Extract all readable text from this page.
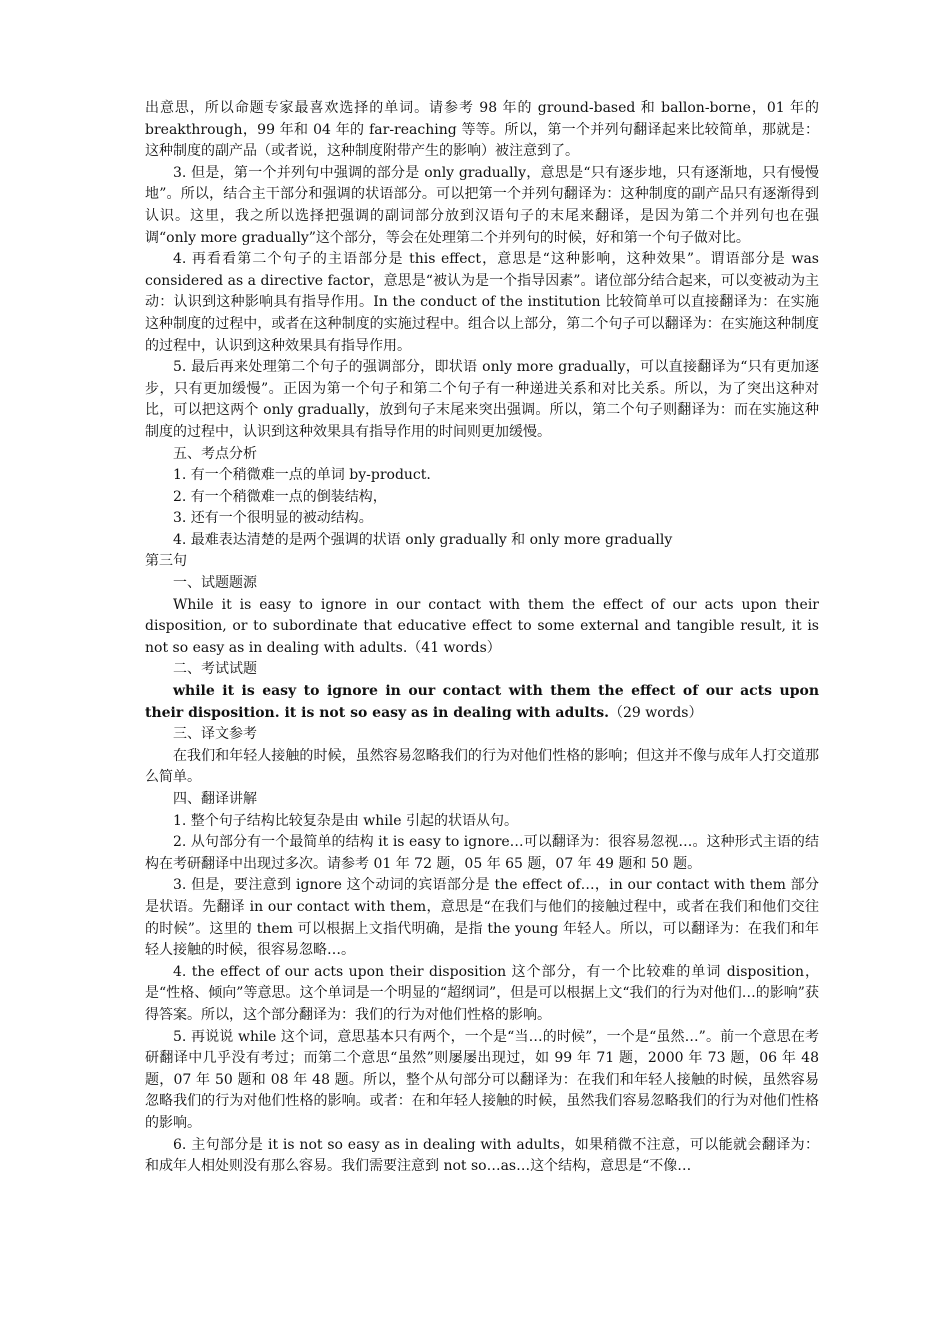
出意思，所以命题专家最喜欢选择的单词。请参考 98 年的 ground-based 和 ballon-borne，01 年的 breakthrough，99 年和 04 年的 far-reaching 等等。所以，第一个并列句翻译起来比较简单，那就是：这种制度的副产品（或者说，这种制度附带产生的影响）被注意到了。

3. 但是，第一个并列句中强调的部分是 only gradually，意思是“只有逐步地，只有逐渐地，只有慢慢地”。所以，结合主干部分和强调的状语部分。可以把第一个并列句翻译为：这种制度的副产品只有逐渐得到认识。这里，我之所以选择把强调的副词部分放到汉语句子的末尾来翻译，是因为第二个并列句也在强调“only more gradually”这个部分，等会在处理第二个并列句的时候，好和第一个句子做对比。

4. 再看看第二个句子的主语部分是 this effect，意思是“这种影响，这种效果”。谓语部分是 was considered as a directive factor，意思是“被认为是一个指导因素”。诸位部分结合起来，可以变被动为主动：认识到这种影响具有指导作用。In the conduct of the institution 比较简单可以直接翻译为：在实施这种制度的过程中，或者在这种制度的实施过程中。组合以上部分，第二个句子可以翻译为：在实施这种制度的过程中，认识到这种效果具有指导作用。

5. 最后再来处理第二个句子的强调部分，即状语 only more gradually，可以直接翻译为“只有更加逐步，只有更加缓慢”。正因为第一个句子和第二个句子有一种递进关系和对比关系。所以，为了突出这种对比，可以把这两个 only gradually，放到句子末尾来突出强调。所以，第二个句子则翻译为：而在实施这种制度的过程中，认识到这种效果具有指导作用的时间则更加缓慢。

五、考点分析

1. 有一个稍微难一点的单词 by-product.

2. 有一个稍微难一点的倒装结构，

3. 还有一个很明显的被动结构。

4. 最难表达清楚的是两个强调的状语 only gradually 和 only more gradually

第三句

一、试题题源

While it is easy to ignore in our contact with them the effect of our acts upon their disposition, or to subordinate that educative effect to some external and tangible result, it is not so easy as in dealing with adults.（41 words）

二、考试试题

while it is easy to ignore in our contact with them the effect of our acts upon their disposition. it is not so easy as in dealing with adults.（29 words）

三、译文参考

在我们和年轻人接触的时候，虽然容易忽略我们的行为对他们性格的影响；但这并不像与成年人打交道那么简单。

四、翻译讲解

1. 整个句子结构比较复杂是由 while 引起的状语从句。

2. 从句部分有一个最简单的结构 it is easy to ignore…可以翻译为：很容易忽视…。这种形式主语的结构在考研翻译中出现过多次。请参考 01 年 72 题，05 年 65 题，07 年 49 题和 50 题。

3. 但是，要注意到 ignore 这个动词的宾语部分是 the effect of…，in our contact with them 部分是状语。先翻译 in our contact with them，意思是“在我们与他们的接触过程中，或者在我们和他们交往的时候”。这里的 them 可以根据上文指代明确，是指 the young 年轻人。所以，可以翻译为：在我们和年轻人接触的时候，很容易忽略…。

4. the effect of our acts upon their disposition 这个部分，有一个比较难的单词 disposition，是“性格、倾向”等意思。这个单词是一个明显的“超纲词”，但是可以根据上文“我们的行为对他们…的影响”获得答案。所以，这个部分翻译为：我们的行为对他们性格的影响。

5. 再说说 while 这个词，意思基本只有两个，一个是“当…的时候”，一个是“虽然…”。前一个意思在考研翻译中几乎没有考过；而第二个意思“虽然”则屡屡出现过，如 99 年 71 题，2000 年 73 题，06 年 48 题，07 年 50 题和 08 年 48 题。所以，整个从句部分可以翻译为：在我们和年轻人接触的时候，虽然容易忽略我们的行为对他们性格的影响。或者：在和年轻人接触的时候，虽然我们容易忽略我们的行为对他们性格的影响。

6. 主句部分是 it is not so easy as in dealing with adults，如果稍微不注意，可以能就会翻译为：和成年人相处则没有那么容易。我们需要注意到 not so…as…这个结构，意思是“不像…
